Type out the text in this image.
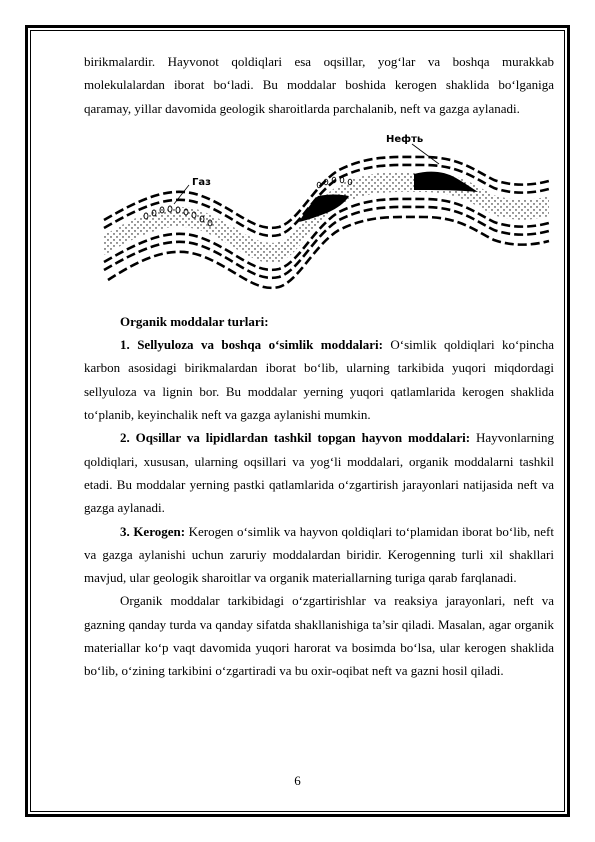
birikmalardir. Hayvonot qoldiqlari esa oqsillar, yog‘lar va boshqa murakkab molekulalardan iborat bo‘ladi. Bu moddalar boshida kerogen shaklida bo‘lganiga qaramay, yillar davomida geologik sharoitlarda parchalanib, neft va gazga aylanadi.

Газ
Нефть

Organik moddalar turlari:

1. Sellyuloza va boshqa o‘simlik moddalari: O‘simlik qoldiqlari ko‘pincha karbon asosidagi birikmalardan iborat bo‘lib, ularning tarkibida yuqori miqdordagi sellyuloza va lignin bor. Bu moddalar yerning yuqori qatlamlarida kerogen shaklida to‘planib, keyinchalik neft va gazga aylanishi mumkin.

2. Oqsillar va lipidlardan tashkil topgan hayvon moddalari: Hayvonlarning qoldiqlari, xususan, ularning oqsillari va yog‘li moddalari, organik moddalarni tashkil etadi. Bu moddalar yerning pastki qatlamlarida o‘zgartirish jarayonlari natijasida neft va gazga aylanadi.

3. Kerogen: Kerogen o‘simlik va hayvon qoldiqlari to‘plamidan iborat bo‘lib, neft va gazga aylanishi uchun zaruriy moddalardan biridir. Kerogenning turli xil shakllari mavjud, ular geologik sharoitlar va organik materiallarning turiga qarab farqlanadi.

Organik moddalar tarkibidagi o‘zgartirishlar va reaksiya jarayonlari, neft va gazning qanday turda va qanday sifatda shakllanishiga ta’sir qiladi. Masalan, agar organik materiallar ko‘p vaqt davomida yuqori harorat va bosimda bo‘lsa, ular kerogen shaklida bo‘lib, o‘zining tarkibini o‘zgartiradi va bu oxir-oqibat neft va gazni hosil qiladi.

6
